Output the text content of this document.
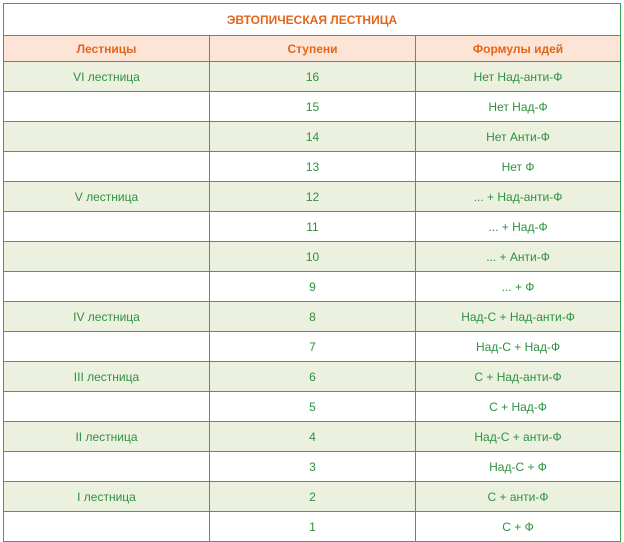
ЭВТОПИЧЕСКАЯ ЛЕСТНИЦА		
Лестницы	Ступени	Формулы идей
VI лестница	16	Нет Над-анти-Ф
	15	Нет Над-Ф
	14	Нет Анти-Ф
	13	Нет Ф
V лестница	12	... + Над-анти-Ф
	11	... + Над-Ф
	10	... + Анти-Ф
	9	... + Ф
IV лестница	8	Над-С + Над-анти-Ф
	7	Над-С + Над-Ф
III лестница	6	С + Над-анти-Ф
	5	С + Над-Ф
II лестница	4	Над-С + анти-Ф
	3	Над-С + Ф
I лестница	2	С + анти-Ф
	1	С + Ф
